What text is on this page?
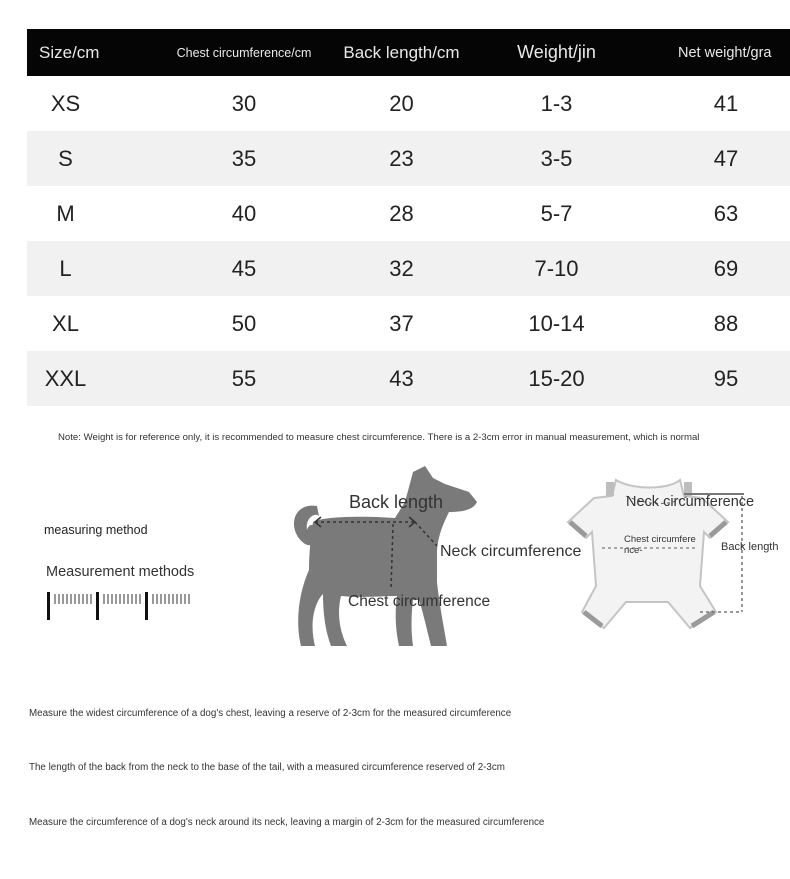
Size/cm	Chest circumference/cm	Back length/cm	Weight/jin	Net weight/gra
XS	30	20	1-3	41
S	35	23	3-5	47
M	40	28	5-7	63
L	45	32	7-10	69
XL	50	37	10-14	88
XXL	55	43	15-20	95

Note: Weight is for reference only, it is recommended to measure chest circumference. There is a 2-3cm error in manual measurement, which is normal

measuring method
Measurement methods
Back length
Neck circumference
Chest circumference
Neck circumference
Chest circumfere nce-	Back length

Measure the widest circumference of a dog's chest, leaving a reserve of 2-3cm for the measured circumference

The length of the back from the neck to the base of the tail, with a measured circumference reserved of 2-3cm

Measure the circumference of a dog's neck around its neck, leaving a margin of 2-3cm for the measured circumference
